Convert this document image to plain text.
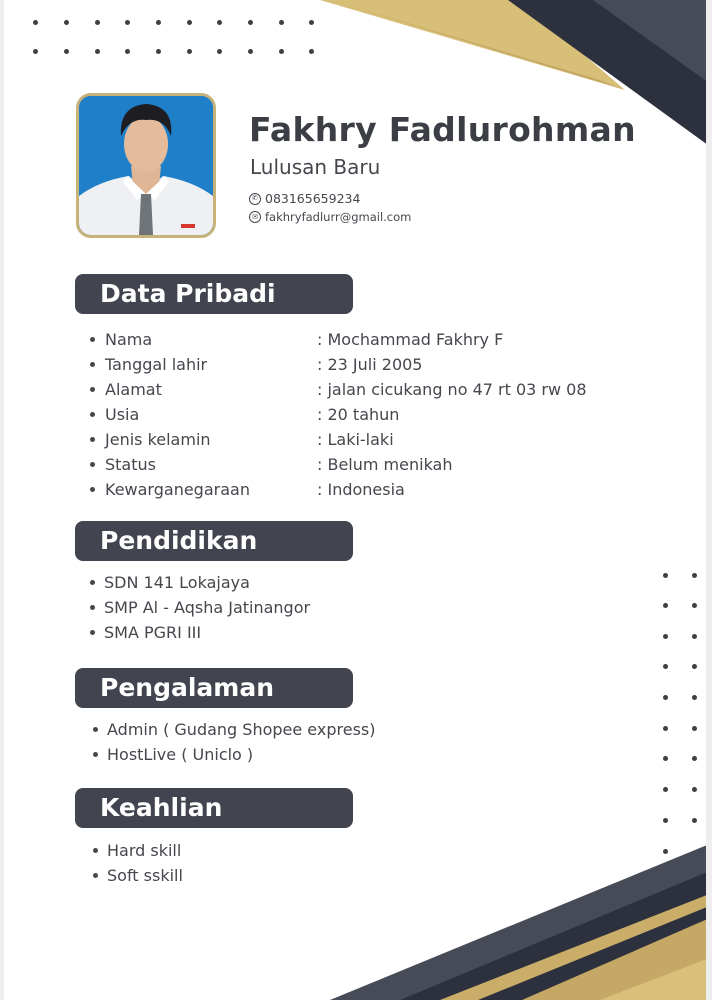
Fakhry Fadlurohman
Lulusan Baru
✆ 083165659234
✉ fakhryfadlurr@gmail.com
Data Pribadi
Nama	: Mochammad Fakhry F
Tanggal lahir	: 23 Juli 2005
Alamat	: jalan cicukang no 47 rt 03 rw 08
Usia	: 20 tahun
Jenis kelamin	: Laki-laki
Status	: Belum menikah
Kewarganegaraan	: Indonesia
Pendidikan
SDN 141 Lokajaya
SMP Al - Aqsha Jatinangor
SMA PGRI III
Pengalaman
Admin ( Gudang Shopee express)
HostLive ( Uniclo )
Keahlian
Hard skill
Soft sskill
